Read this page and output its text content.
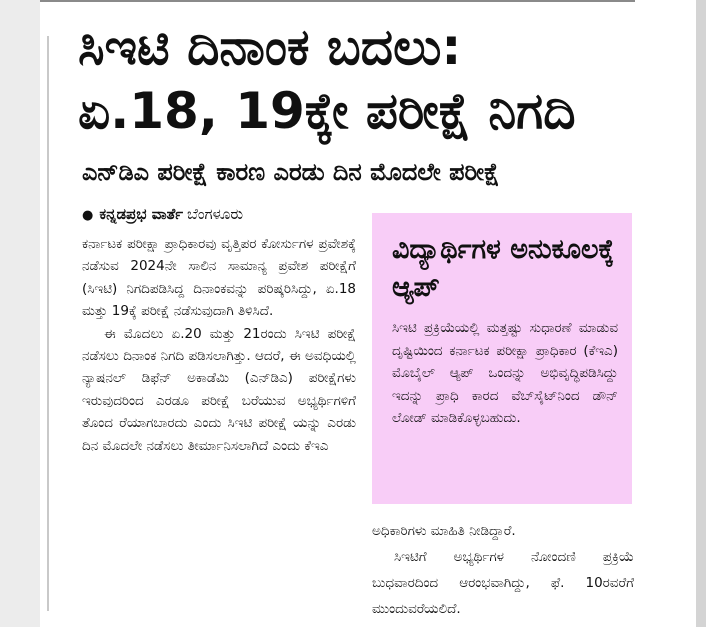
ಸಿಇಟಿ ದಿನಾಂಕ ಬದಲು:
ಏ.18, 19ಕ್ಕೇ ಪರೀಕ್ಷೆ ನಿಗದಿ
ಎನ್‌ಡಿಎ ಪರೀಕ್ಷೆ ಕಾರಣ ಎರಡು ದಿನ ಮೊದಲೇ ಪರೀಕ್ಷೆ
● ಕನ್ನಡಪ್ರಭ ವಾರ್ತೆ ಬೆಂಗಳೂರು

ಕರ್ನಾಟಕ ಪರೀಕ್ಷಾ ಪ್ರಾಧಿಕಾರವು ವೃತ್ತಿಪರ ಕೋರ್ಸುಗಳ ಪ್ರವೇಶಕ್ಕೆ ನಡೆಸುವ 2024ನೇ ಸಾಲಿನ ಸಾಮಾನ್ಯ ಪ್ರವೇಶ ಪರೀಕ್ಷೆಗೆ (ಸಿಇಟಿ) ನಿಗದಿಪಡಿಸಿದ್ದ ದಿನಾಂಕವನ್ನು ಪರಿಷ್ಕರಿಸಿದ್ದು, ಏ.18 ಮತ್ತು 19ಕ್ಕೆ ಪರೀಕ್ಷೆ ನಡೆಸುವುದಾಗಿ ತಿಳಿಸಿದೆ.

ಈ ಮೊದಲು ಏ.20 ಮತ್ತು 21ರಂದು ಸಿಇಟಿ ಪರೀಕ್ಷೆ ನಡೆಸಲು ದಿನಾಂಕ ನಿಗದಿ ಪಡಿಸಲಾಗಿತ್ತು. ಆದರೆ, ಈ ಅವಧಿಯಲ್ಲಿ ನ್ಯಾಷನಲ್ ಡಿಫೆನ್ ಅಕಾಡೆಮಿ (ಎನ್‌ಡಿಎ) ಪರೀಕ್ಷೆಗಳು ಇರುವುದರಿಂದ ಎರಡೂ ಪರೀಕ್ಷೆ ಬರೆಯುವ ಅಭ್ಯರ್ಥಿಗಳಿಗೆ ತೊಂದ ರೆಯಾಗಬಾರದು ಎಂದು ಸಿಇಟಿ ಪರೀಕ್ಷೆ ಯನ್ನು ಎರಡು ದಿನ ಮೊದಲೇ ನಡೆಸಲು ತೀರ್ಮಾನಿಸಲಾಗಿದೆ ಎಂದು ಕೆಇಎ

ವಿದ್ಯಾರ್ಥಿಗಳ ಅನುಕೂಲಕ್ಕೆ ಆ್ಯಪ್
ಸಿಇಟಿ ಪ್ರಕ್ರಿಯೆಯಲ್ಲಿ ಮತ್ತಷ್ಟು ಸುಧಾರಣೆ ಮಾಡುವ ದೃಷ್ಟಿಯಿಂದ ಕರ್ನಾಟಕ ಪರೀಕ್ಷಾ ಪ್ರಾಧಿಕಾರ (ಕೆಇಎ) ಮೊಬೈಲ್ ಆ್ಯಪ್ ಒಂದನ್ನು ಅಭಿವೃದ್ಧಿಪಡಿಸಿದ್ದು ಇದನ್ನು ಪ್ರಾಧಿ ಕಾರದ ವೆಬ್‌ಸೈಟ್‌ನಿಂದ ಡೌನ್ ಲೋಡ್ ಮಾಡಿಕೊಳ್ಳಬಹುದು.

ಅಧಿಕಾರಿಗಳು ಮಾಹಿತಿ ನೀಡಿದ್ದಾರೆ.

ಸಿಇಟಿಗೆ ಅಭ್ಯರ್ಥಿಗಳ ನೋಂದಣಿ ಪ್ರಕ್ರಿಯೆ ಬುಧವಾರದಿಂದ ಆರಂಭವಾಗಿದ್ದು, ಫೆ. 10ರವರೆಗೆ ಮುಂದುವರೆಯಲಿದೆ.
